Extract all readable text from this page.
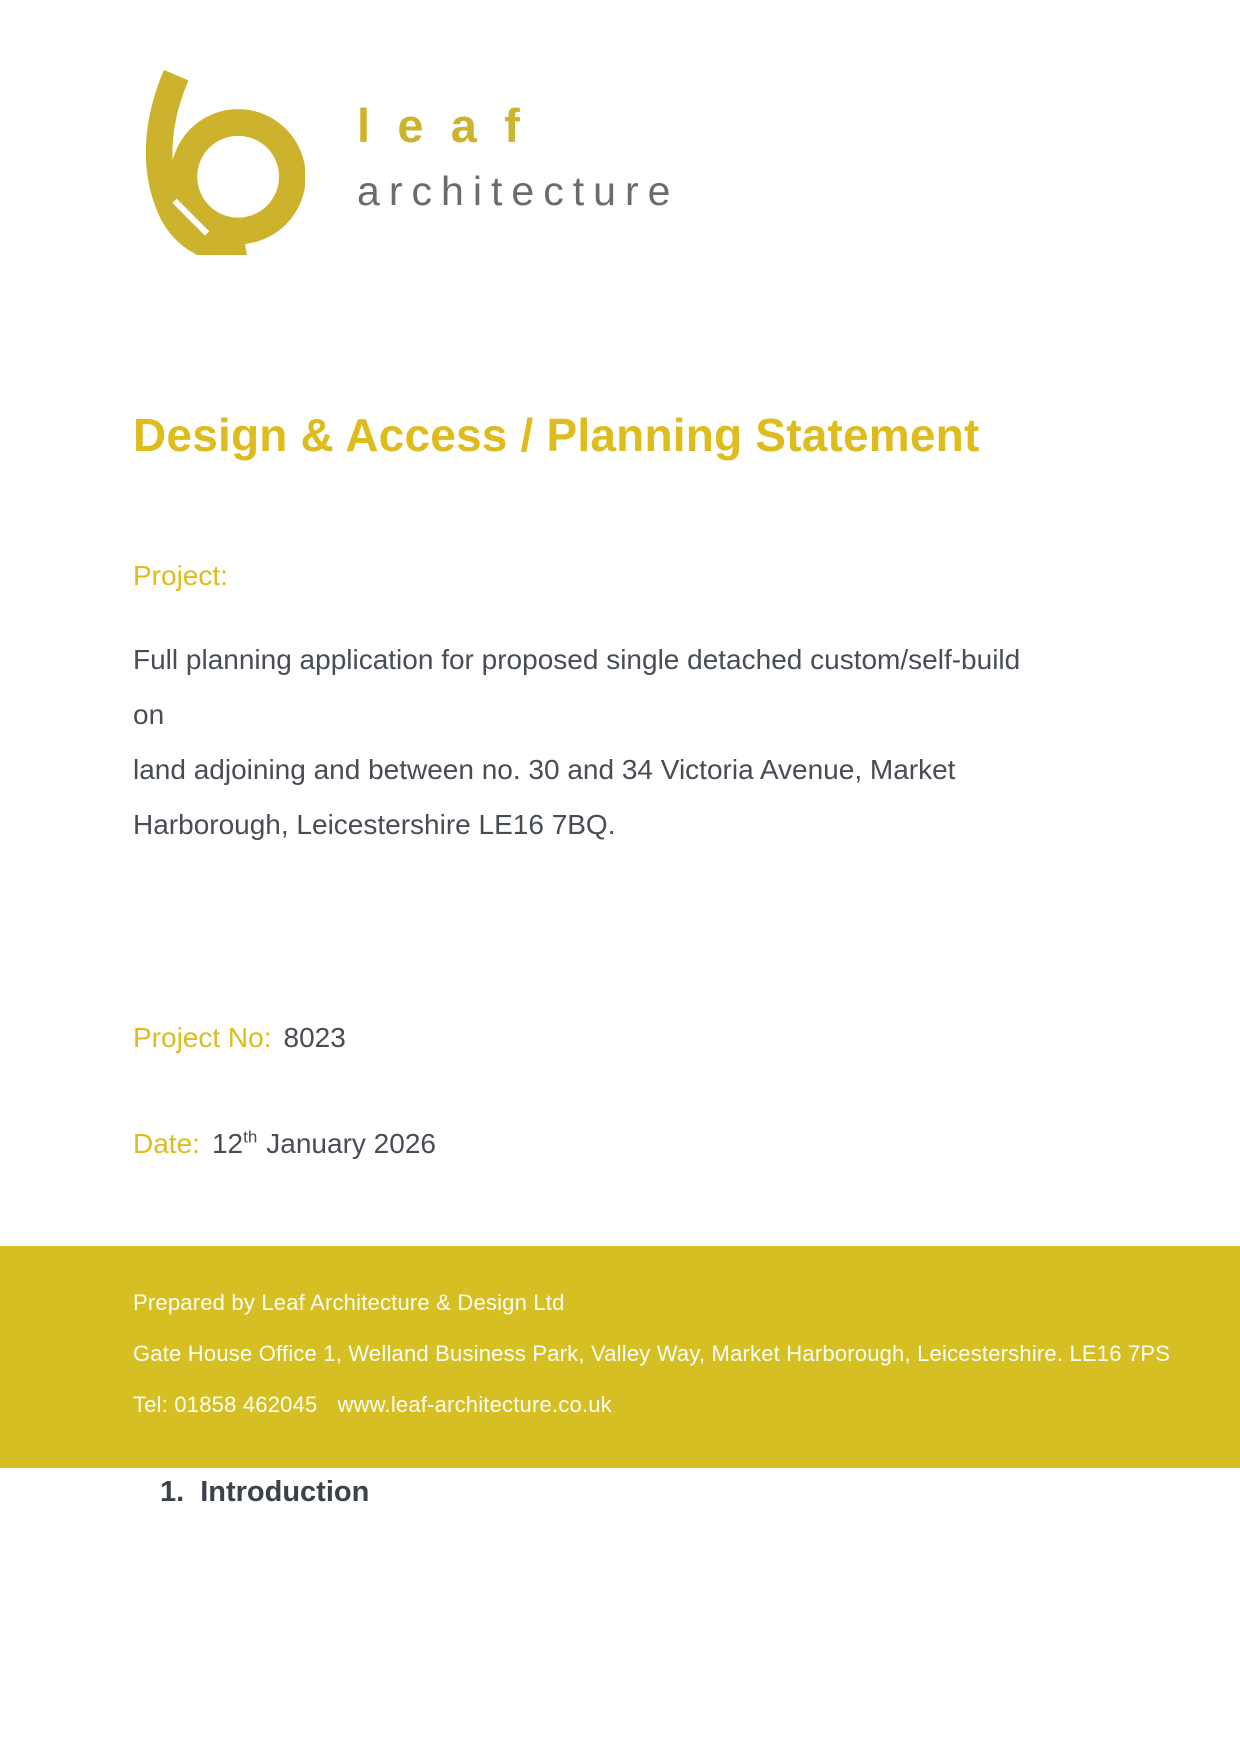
leaf
architecture
Design & Access / Planning Statement
Project:
Full planning application for proposed single detached custom/self-build on
land adjoining and between no. 30 and 34 Victoria Avenue, Market
Harborough, Leicestershire LE16 7BQ.
Project No: 8023
Date: 12th January 2026
Prepared by Leaf Architecture & Design Ltd
Gate House Office 1, Welland Business Park, Valley Way, Market Harborough, Leicestershire. LE16 7PS
Tel: 01858 462045 www.leaf-architecture.co.uk
1. Introduction
